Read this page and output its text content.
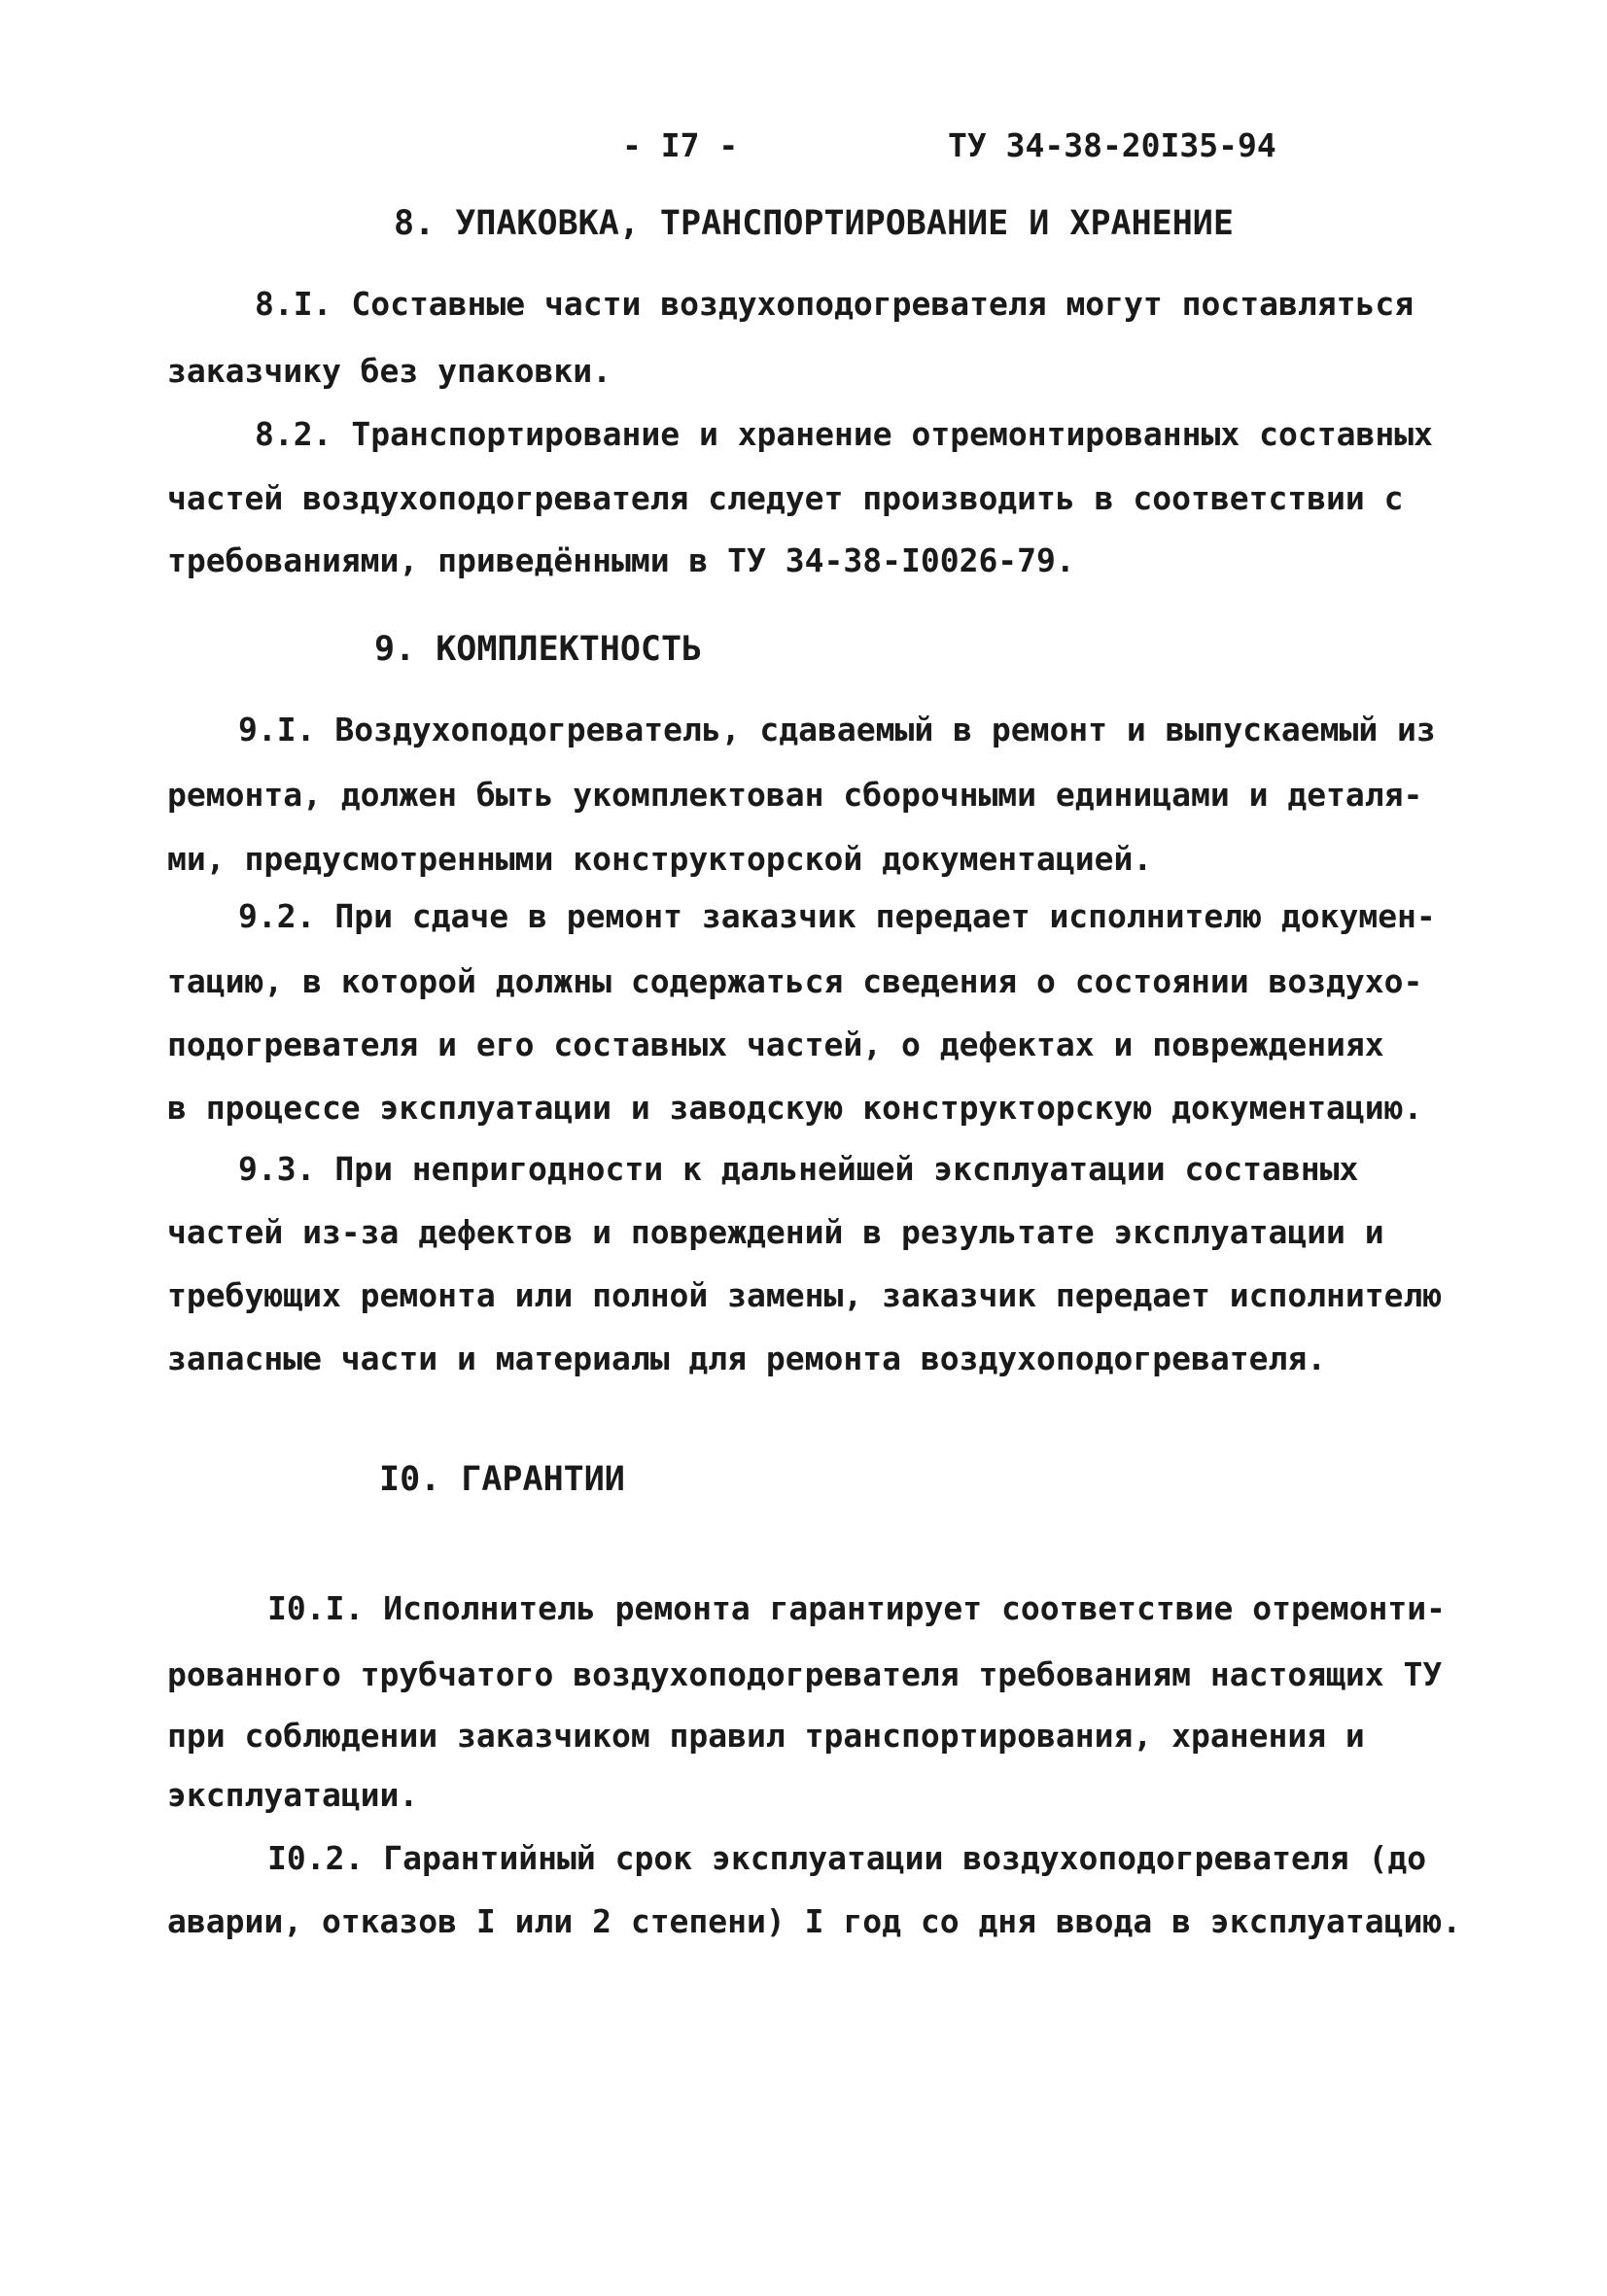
- I7 -	ТУ 34-38-20I35-94
8. УПАКОВКА, ТРАНСПОРТИРОВАНИЕ И ХРАНЕНИЕ
8.I. Составные части воздухоподогревателя могут поставляться
заказчику без упаковки.
8.2. Транспортирование и хранение отремонтированных составных
частей воздухоподогревателя следует производить в соответствии с
требованиями, приведёнными в ТУ 34-38-I0026-79.
9. КОМПЛЕКТНОСТЬ
9.I. Воздухоподогреватель, сдаваемый в ремонт и выпускаемый из
ремонта, должен быть укомплектован сборочными единицами и деталя-
ми, предусмотренными конструкторской документацией.
9.2. При сдаче в ремонт заказчик передает исполнителю докумен-
тацию, в которой должны содержаться сведения о состоянии воздухо-
подогревателя и его составных частей, о дефектах и повреждениях
в процессе эксплуатации и заводскую конструкторскую документацию.
9.3. При непригодности к дальнейшей эксплуатации составных
частей из-за дефектов и повреждений в результате эксплуатации и
требующих ремонта или полной замены, заказчик передает исполнителю
запасные части и материалы для ремонта воздухоподогревателя.
I0. ГАРАНТИИ
I0.I. Исполнитель ремонта гарантирует соответствие отремонти-
рованного трубчатого воздухоподогревателя требованиям настоящих ТУ
при соблюдении заказчиком правил транспортирования, хранения и
эксплуатации.
I0.2. Гарантийный срок эксплуатации воздухоподогревателя (до
аварии, отказов I или 2 степени) I год со дня ввода в эксплуатацию.
